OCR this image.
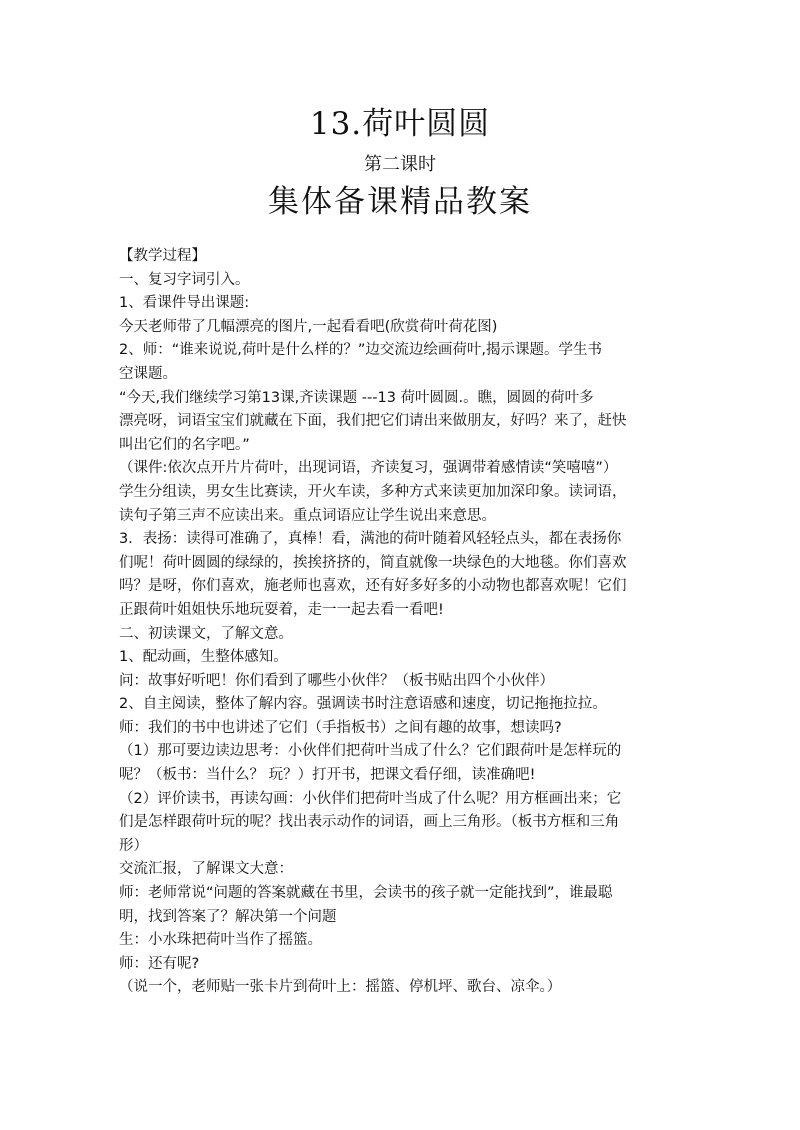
13.荷叶圆圆
第二课时
集体备课精品教案
【教学过程】
一、复习字词引入。
1、看课件导出课题:
今天老师带了几幅漂亮的图片,一起看看吧(欣赏荷叶荷花图)
2、师：“谁来说说,荷叶是什么样的？”边交流边绘画荷叶,揭示课题。学生书
空课题。
“今天,我们继续学习第13课,齐读课题 ---13 荷叶圆圆.。瞧，圆圆的荷叶多
漂亮呀，词语宝宝们就藏在下面，我们把它们请出来做朋友，好吗？来了，赶快
叫出它们的名字吧。”
（课件:依次点开片片荷叶，出现词语，齐读复习，强调带着感情读“笑嘻嘻”）
学生分组读，男女生比赛读，开火车读，多种方式来读更加加深印象。读词语，
读句子第三声不应读出来。重点词语应让学生说出来意思。
3．表扬：读得可准确了，真棒！看，满池的荷叶随着风轻轻点头，都在表扬你
们呢！荷叶圆圆的绿绿的，挨挨挤挤的，简直就像一块绿色的大地毯。你们喜欢
吗？是呀，你们喜欢，施老师也喜欢，还有好多好多的小动物也都喜欢呢！它们
正跟荷叶姐姐快乐地玩耍着，走一一起去看一看吧!
二、初读课文，了解文意。
1、配动画，生整体感知。
问：故事好听吧！你们看到了哪些小伙伴？（板书贴出四个小伙伴）
2、自主阅读，整体了解内容。强调读书时注意语感和速度，切记拖拖拉拉。
师：我们的书中也讲述了它们（手指板书）之间有趣的故事，想读吗?
（1）那可要边读边思考：小伙伴们把荷叶当成了什么？它们跟荷叶是怎样玩的
呢？（板书：当什么？ 玩？）打开书，把课文看仔细，读准确吧!
（2）评价读书，再读勾画：小伙伴们把荷叶当成了什么呢？用方框画出来；它
们是怎样跟荷叶玩的呢？找出表示动作的词语，画上三角形。（板书方框和三角
形）
交流汇报，了解课文大意：
师：老师常说“问题的答案就藏在书里，会读书的孩子就一定能找到”，谁最聪
明，找到答案了？解决第一个问题
生：小水珠把荷叶当作了摇篮。
师：还有呢?
（说一个，老师贴一张卡片到荷叶上：摇篮、停机坪、歌台、凉伞。）
